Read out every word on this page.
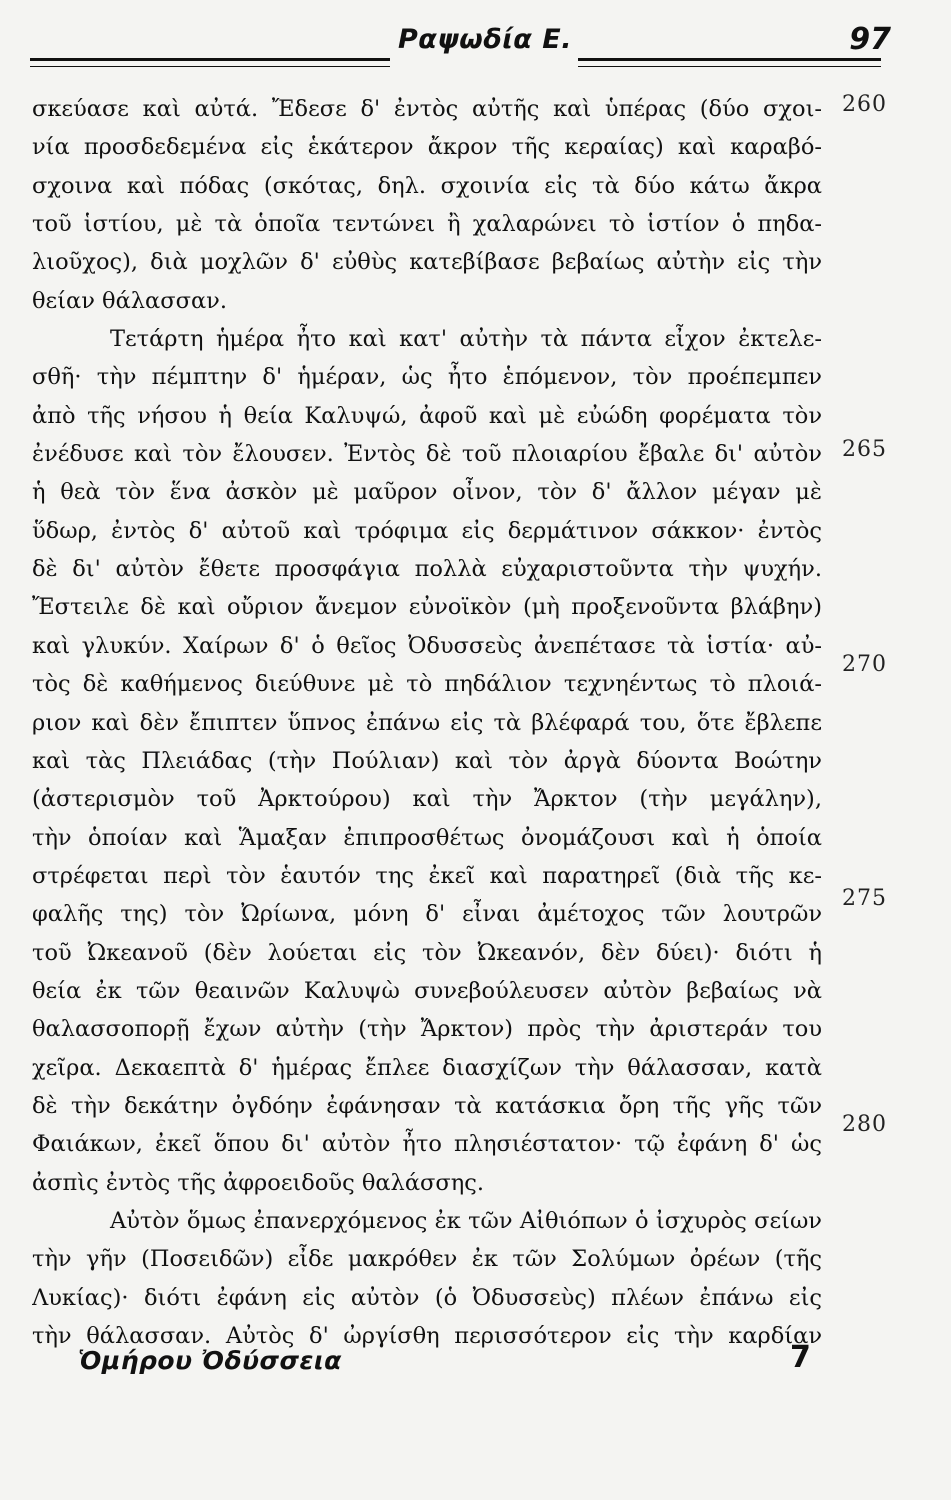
Ραψωδία Ε.	97
σκεύασε καὶ αὐτά. Ἔδεσε δ' ἐντὸς αὐτῆς καὶ ὑπέρας (δύο σχοι-
νία προσδεδεμένα εἰς ἑκάτερον ἄκρον τῆς κεραίας) καὶ καραβό-
σχοινα καὶ πόδας (σκότας, δηλ. σχοινία εἰς τὰ δύο κάτω ἄκρα
τοῦ ἱστίου, μὲ τὰ ὁποῖα τεντώνει ἢ χαλαρώνει τὸ ἱστίον ὁ πηδα-
λιοῦχος), διὰ μοχλῶν δ' εὐθὺς κατεβίβασε βεβαίως αὐτὴν εἰς τὴν
θείαν θάλασσαν.
Τετάρτη ἡμέρα ἦτο καὶ κατ' αὐτὴν τὰ πάντα εἶχον ἐκτελε-
σθῆ· τὴν πέμπτην δ' ἡμέραν, ὡς ἦτο ἑπόμενον, τὸν προέπεμπεν
ἀπὸ τῆς νήσου ἡ θεία Καλυψώ, ἀφοῦ καὶ μὲ εὐώδη φορέματα τὸν
ἐνέδυσε καὶ τὸν ἔλουσεν. Ἐντὸς δὲ τοῦ πλοιαρίου ἔβαλε δι' αὐτὸν
ἡ θεὰ τὸν ἕνα ἀσκὸν μὲ μαῦρον οἶνον, τὸν δ' ἄλλον μέγαν μὲ
ὕδωρ, ἐντὸς δ' αὐτοῦ καὶ τρόφιμα εἰς δερμάτινον σάκκον· ἐντὸς
δὲ δι' αὐτὸν ἔθετε προσφάγια πολλὰ εὐχαριστοῦντα τὴν ψυχήν.
Ἔστειλε δὲ καὶ οὔριον ἄνεμον εὐνοϊκὸν (μὴ προξενοῦντα βλάβην)
καὶ γλυκύν. Χαίρων δ' ὁ θεῖος Ὀδυσσεὺς ἀνεπέτασε τὰ ἱστία· αὐ-
τὸς δὲ καθήμενος διεύθυνε μὲ τὸ πηδάλιον τεχνηέντως τὸ πλοιά-
ριον καὶ δὲν ἔπιπτεν ὕπνος ἐπάνω εἰς τὰ βλέφαρά του, ὅτε ἔβλεπε
καὶ τὰς Πλειάδας (τὴν Πούλιαν) καὶ τὸν ἀργὰ δύοντα Βοώτην
(ἀστερισμὸν τοῦ Ἀρκτούρου) καὶ τὴν Ἄρκτον (τὴν μεγάλην),
τὴν ὁποίαν καὶ Ἅμαξαν ἐπιπροσθέτως ὀνομάζουσι καὶ ἡ ὁποία
στρέφεται περὶ τὸν ἑαυτόν της ἐκεῖ καὶ παρατηρεῖ (διὰ τῆς κε-
φαλῆς της) τὸν Ὠρίωνα, μόνη δ' εἶναι ἀμέτοχος τῶν λουτρῶν
τοῦ Ὠκεανοῦ (δὲν λούεται εἰς τὸν Ὠκεανόν, δὲν δύει)· διότι ἡ
θεία ἐκ τῶν θεαινῶν Καλυψὼ συνεβούλευσεν αὐτὸν βεβαίως νὰ
θαλασσοπορῇ ἔχων αὐτὴν (τὴν Ἄρκτον) πρὸς τὴν ἀριστεράν του
χεῖρα. Δεκαεπτὰ δ' ἡμέρας ἔπλεε διασχίζων τὴν θάλασσαν, κατὰ
δὲ τὴν δεκάτην ὀγδόην ἐφάνησαν τὰ κατάσκια ὄρη τῆς γῆς τῶν
Φαιάκων, ἐκεῖ ὅπου δι' αὐτὸν ἦτο πλησιέστατον· τῷ ἐφάνη δ' ὡς
ἀσπὶς ἐντὸς τῆς ἀφροειδοῦς θαλάσσης.
Αὐτὸν ὅμως ἐπανερχόμενος ἐκ τῶν Αἰθιόπων ὁ ἰσχυρὸς σείων
τὴν γῆν (Ποσειδῶν) εἶδε μακρόθεν ἐκ τῶν Σολύμων ὀρέων (τῆς
Λυκίας)· διότι ἐφάνη εἰς αὐτὸν (ὁ Ὀδυσσεὺς) πλέων ἐπάνω εἰς
τὴν θάλασσαν. Αὐτὸς δ' ὠργίσθη περισσότερον εἰς τὴν καρδίαν
260
265
270
275
280
Ὁμήρου Ὀδύσσεια	7
